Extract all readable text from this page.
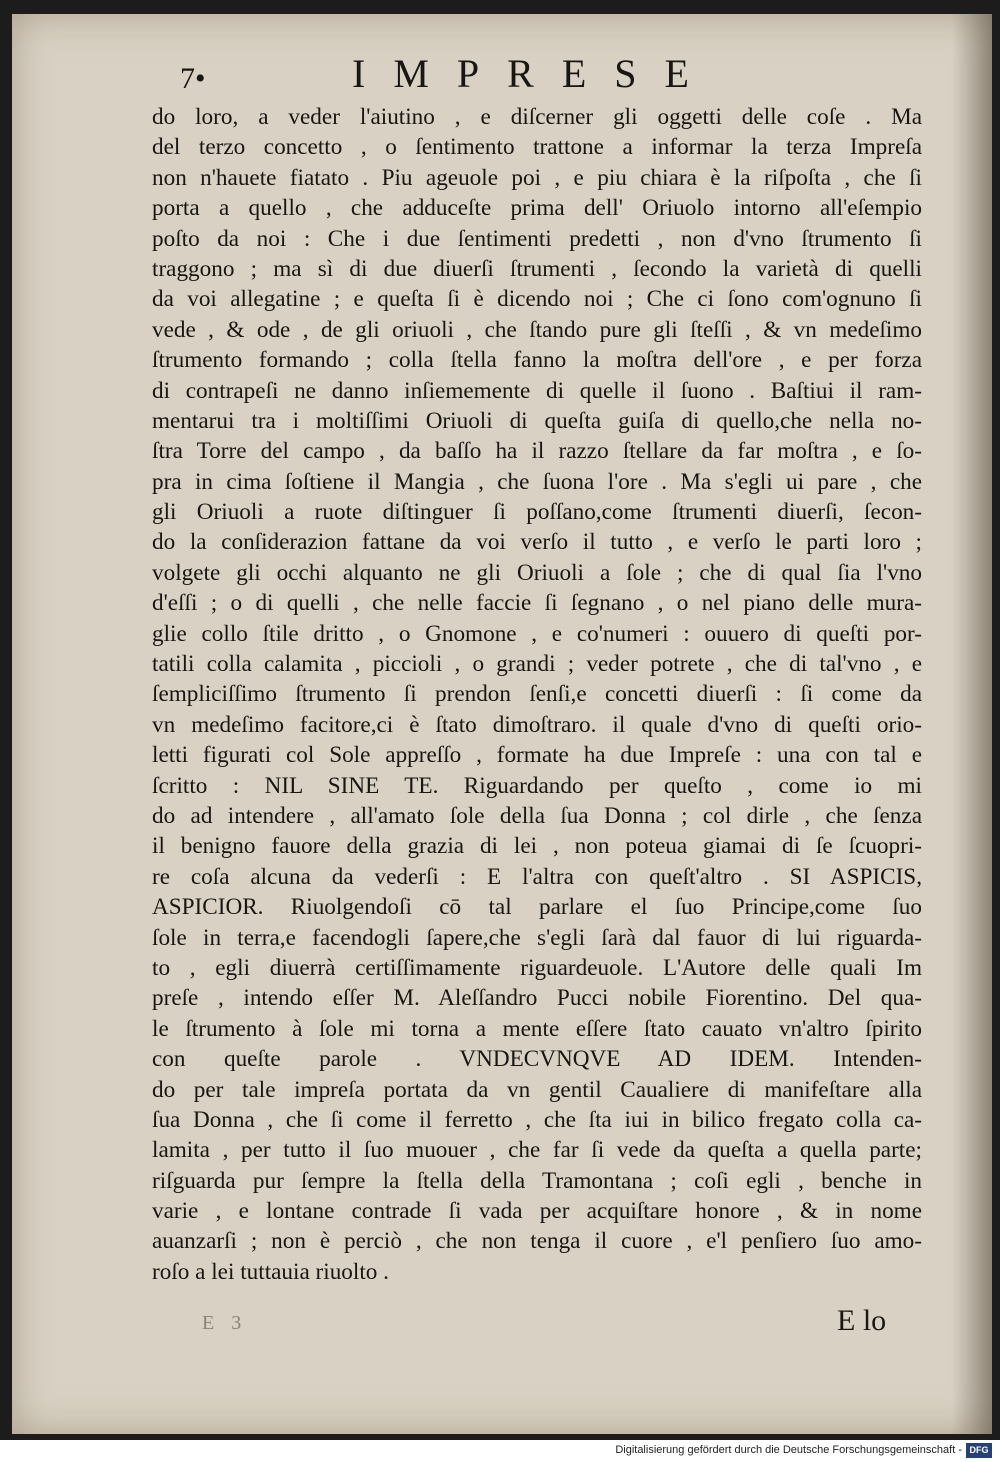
7•	IMPRESE
do loro, a veder l'aiutino , e diſcerner gli oggetti delle coſe . Ma
del terzo concetto , o ſentimento trattone a informar la terza Impreſa
non n'hauete fiatato . Piu ageuole poi , e piu chiara è la riſpoſta , che ſi
porta a quello , che adduceſte prima dell' Oriuolo intorno all'eſempio
poſto da noi : Che i due ſentimenti predetti , non d'vno ſtrumento ſi
traggono ; ma sì di due diuerſi ſtrumenti , ſecondo la varietà di quelli
da voi allegatine ; e queſta ſi è dicendo noi ; Che ci ſono com'ognuno ſi
vede , & ode , de gli oriuoli , che ſtando pure gli ſteſſi , & vn medeſimo
ſtrumento formando ; colla ſtella fanno la moſtra dell'ore , e per forza
di contrapeſi ne danno inſiememente di quelle il ſuono . Baſtiui il ram-
mentarui tra i moltiſſimi Oriuoli di queſta guiſa di quello,che nella no-
ſtra Torre del campo , da baſſo ha il razzo ſtellare da far moſtra , e ſo-
pra in cima ſoſtiene il Mangia , che ſuona l'ore . Ma s'egli ui pare , che
gli Oriuoli a ruote diſtinguer ſi poſſano,come ſtrumenti diuerſi, ſecon-
do la conſiderazion fattane da voi verſo il tutto , e verſo le parti loro ;
volgete gli occhi alquanto ne gli Oriuoli a ſole ; che di qual ſia l'vno
d'eſſi ; o di quelli , che nelle faccie ſi ſegnano , o nel piano delle mura-
glie collo ſtile dritto , o Gnomone , e co'numeri : ouuero di queſti por-
tatili colla calamita , piccioli , o grandi ; veder potrete , che di tal'vno , e
ſempliciſſimo ſtrumento ſi prendon ſenſi,e concetti diuerſi : ſi come da
vn medeſimo facitore,ci è ſtato dimoſtraro. il quale d'vno di queſti orio-
letti figurati col Sole appreſſo , formate ha due Impreſe : una con tal e
ſcritto : NIL SINE TE. Riguardando per queſto , come io mi
do ad intendere , all'amato ſole della ſua Donna ; col dirle , che ſenza
il benigno fauore della grazia di lei , non poteua giamai di ſe ſcuopri-
re coſa alcuna da vederſi : E l'altra con queſt'altro . SI ASPICIS,
ASPICIOR. Riuolgendoſi cō tal parlare el ſuo Principe,come ſuo
ſole in terra,e facendogli ſapere,che s'egli ſarà dal fauor di lui riguarda-
to , egli diuerrà certiſſimamente riguardeuole. L'Autore delle quali Im
preſe , intendo eſſer M. Aleſſandro Pucci nobile Fiorentino. Del qua-
le ſtrumento à ſole mi torna a mente eſſere ſtato cauato vn'altro ſpirito
con queſte parole . VNDECVNQVE AD IDEM. Intenden-
do per tale impreſa portata da vn gentil Caualiere di manifeſtare alla
ſua Donna , che ſi come il ferretto , che ſta iui in bilico fregato colla ca-
lamita , per tutto il ſuo muouer , che far ſi vede da queſta a quella parte;
riſguarda pur ſempre la ſtella della Tramontana ; coſi egli , benche in
varie , e lontane contrade ſi vada per acquiſtare honore , & in nome
auanzarſi ; non è perciò , che non tenga il cuore , e'l penſiero ſuo amo-
roſo a lei tuttauia riuolto .
E 3	E lo
Digitalisierung gefördert durch die Deutsche Forschungsgemeinschaft - DFG
